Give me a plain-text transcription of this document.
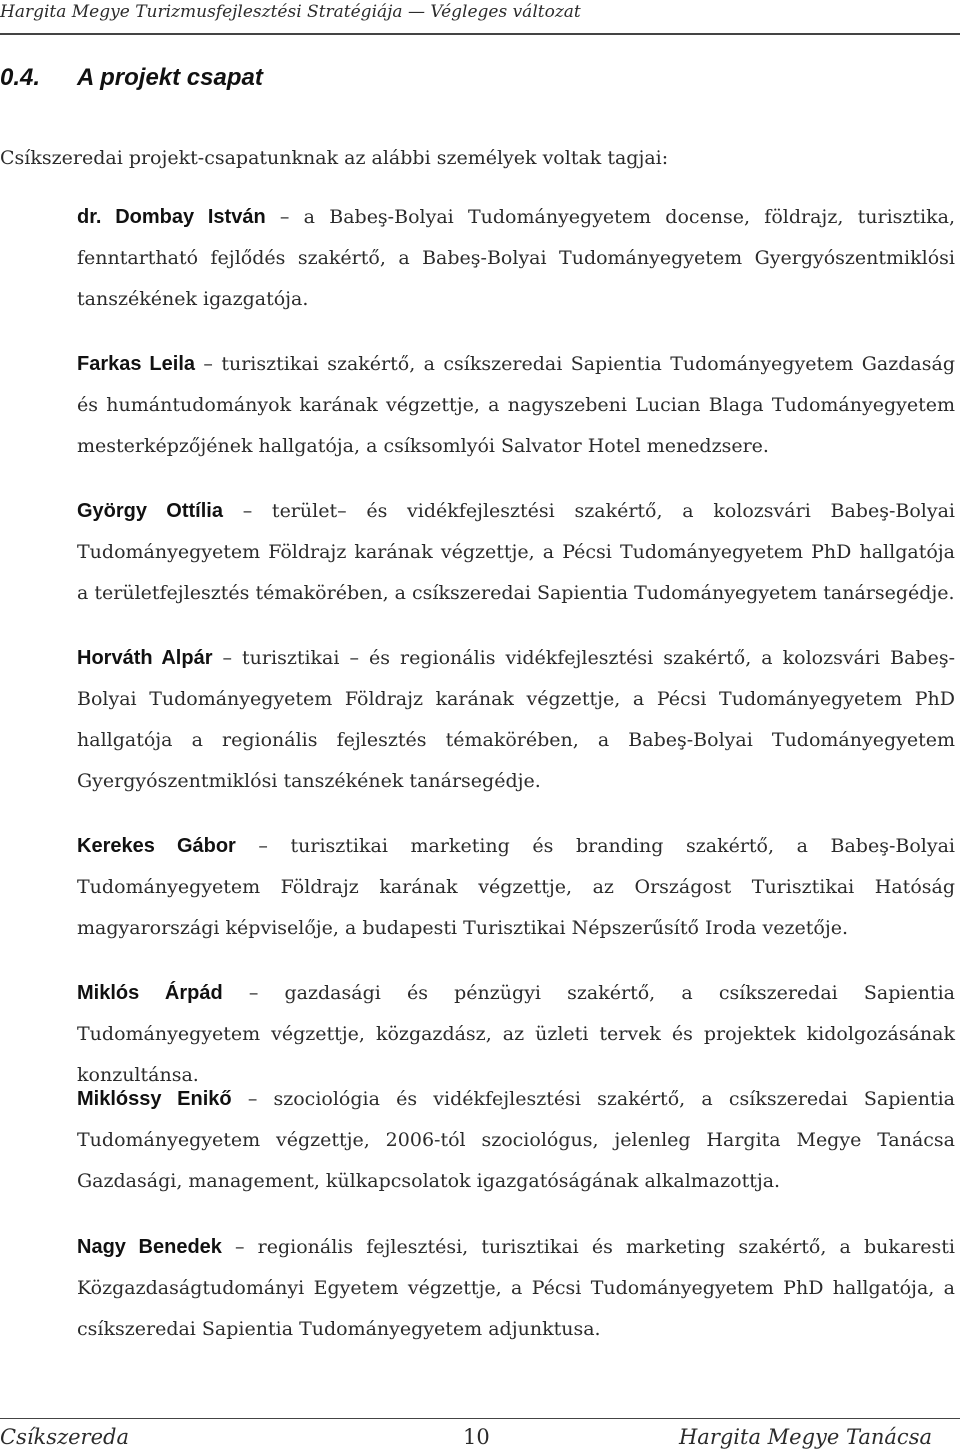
Hargita Megye Turizmusfejlesztési Stratégiája — Végleges változat
0.4. A projekt csapat
Csíkszeredai projekt-csapatunknak az alábbi személyek voltak tagjai:

dr. Dombay István – a Babeş-Bolyai Tudományegyetem docense, földrajz, turisztika, fenntartható fejlődés szakértő, a Babeş-Bolyai Tudományegyetem Gyergyószentmiklósi tanszékének igazgatója.

Farkas Leila – turisztikai szakértő, a csíkszeredai Sapientia Tudományegyetem Gazdaság és humántudományok karának végzettje, a nagyszebeni Lucian Blaga Tudományegyetem mesterképzőjének hallgatója, a csíksomlyói Salvator Hotel menedzsere.

György Ottília – terület– és vidékfejlesztési szakértő, a kolozsvári Babeş-Bolyai Tudományegyetem Földrajz karának végzettje, a Pécsi Tudományegyetem PhD hallgatója a területfejlesztés témakörében, a csíkszeredai Sapientia Tudományegyetem tanársegédje.

Horváth Alpár – turisztikai – és regionális vidékfejlesztési szakértő, a kolozsvári Babeş-Bolyai Tudományegyetem Földrajz karának végzettje, a Pécsi Tudományegyetem PhD hallgatója a regionális fejlesztés témakörében, a Babeş-Bolyai Tudományegyetem Gyergyószentmiklósi tanszékének tanársegédje.

Kerekes Gábor – turisztikai marketing és branding szakértő, a Babeş-Bolyai Tudományegyetem Földrajz karának végzettje, az Országost Turisztikai Hatóság magyarországi képviselője, a budapesti Turisztikai Népszerűsítő Iroda vezetője.

Miklós Árpád – gazdasági és pénzügyi szakértő, a csíkszeredai Sapientia Tudományegyetem végzettje, közgazdász, az üzleti tervek és projektek kidolgozásának konzultánsa.

Miklóssy Enikő – szociológia és vidékfejlesztési szakértő, a csíkszeredai Sapientia Tudományegyetem végzettje, 2006-tól szociológus, jelenleg Hargita Megye Tanácsa Gazdasági, management, külkapcsolatok igazgatóságának alkalmazottja.

Nagy Benedek – regionális fejlesztési, turisztikai és marketing szakértő, a bukaresti Közgazdaságtudományi Egyetem végzettje, a Pécsi Tudományegyetem PhD hallgatója, a csíkszeredai Sapientia Tudományegyetem adjunktusa.

Csíkszereda	10	Hargita Megye Tanácsa
